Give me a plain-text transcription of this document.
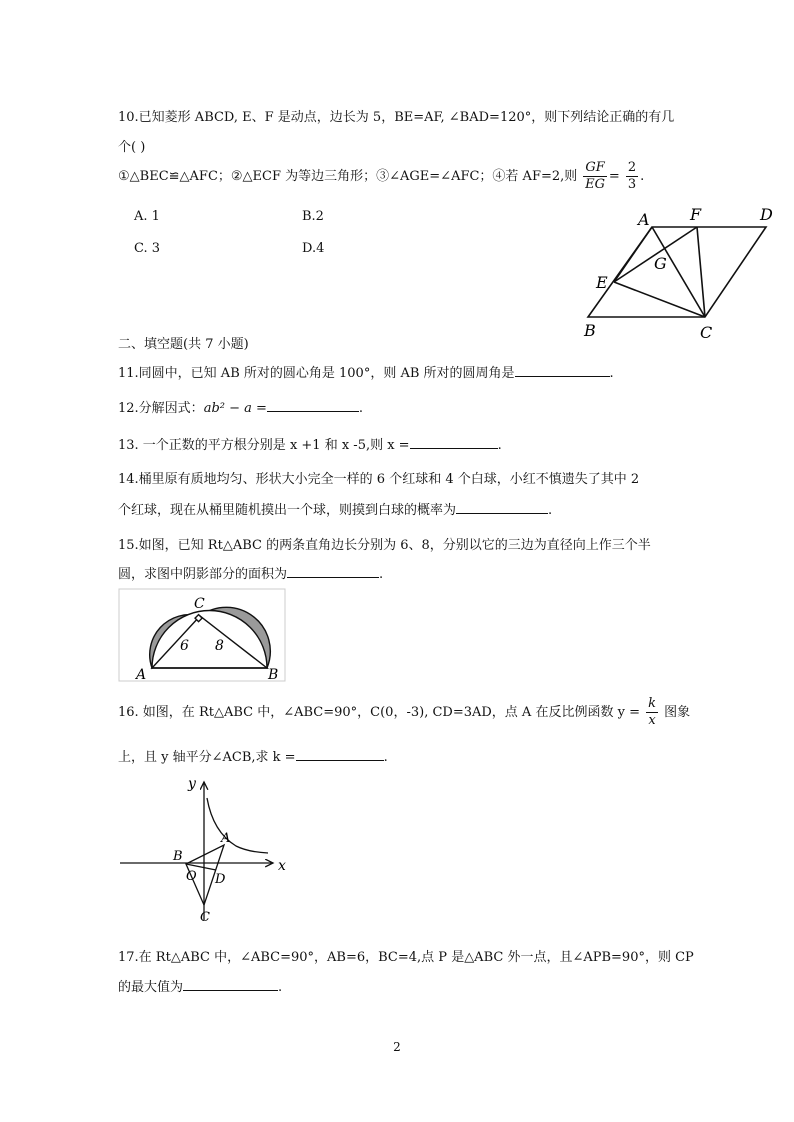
10.已知菱形 ABCD, E、F 是动点，边长为 5，BE=AF, ∠BAD=120°，则下列结论正确的有几
个( )
①△BEC≌△AFC；②△ECF 为等边三角形；③∠AGE=∠AFC；④若 AF=2,则 $\frac{GF}{EG} = \frac{2}{3}$ .
A. 1	B.2
C. 3	D.4
A	F	D
G
E
B	C
二、填空题(共 7 小题)
11.同圆中，已知 AB 所对的圆心角是 100°，则 AB 所对的圆周角是	.
12.分解因式：ab² − a =	.
13. 一个正数的平方根分别是 x +1 和 x -5,则 x =	.
14.桶里原有质地均匀、形状大小完全一样的 6 个红球和 4 个白球，小红不慎遗失了其中 2
个红球，现在从桶里随机摸出一个球，则摸到白球的概率为	.
15.如图，已知 Rt△ABC 的两条直角边长分别为 6、8，分别以它的三边为直径向上作三个半
圆，求图中阴影部分的面积为	.
C
A	B
6 8
16. 如图，在 Rt△ABC 中，∠ABC=90°，C(0，-3), CD=3AD，点 A 在反比例函数 $y = \frac{k}{x}$ 图象
上，且 y 轴平分∠ACB,求 k =	.
y
x
A
B
O D
C
17.在 Rt△ABC 中，∠ABC=90°，AB=6，BC=4,点 P 是△ABC 外一点，且∠APB=90°，则 CP
的最大值为	.
2
